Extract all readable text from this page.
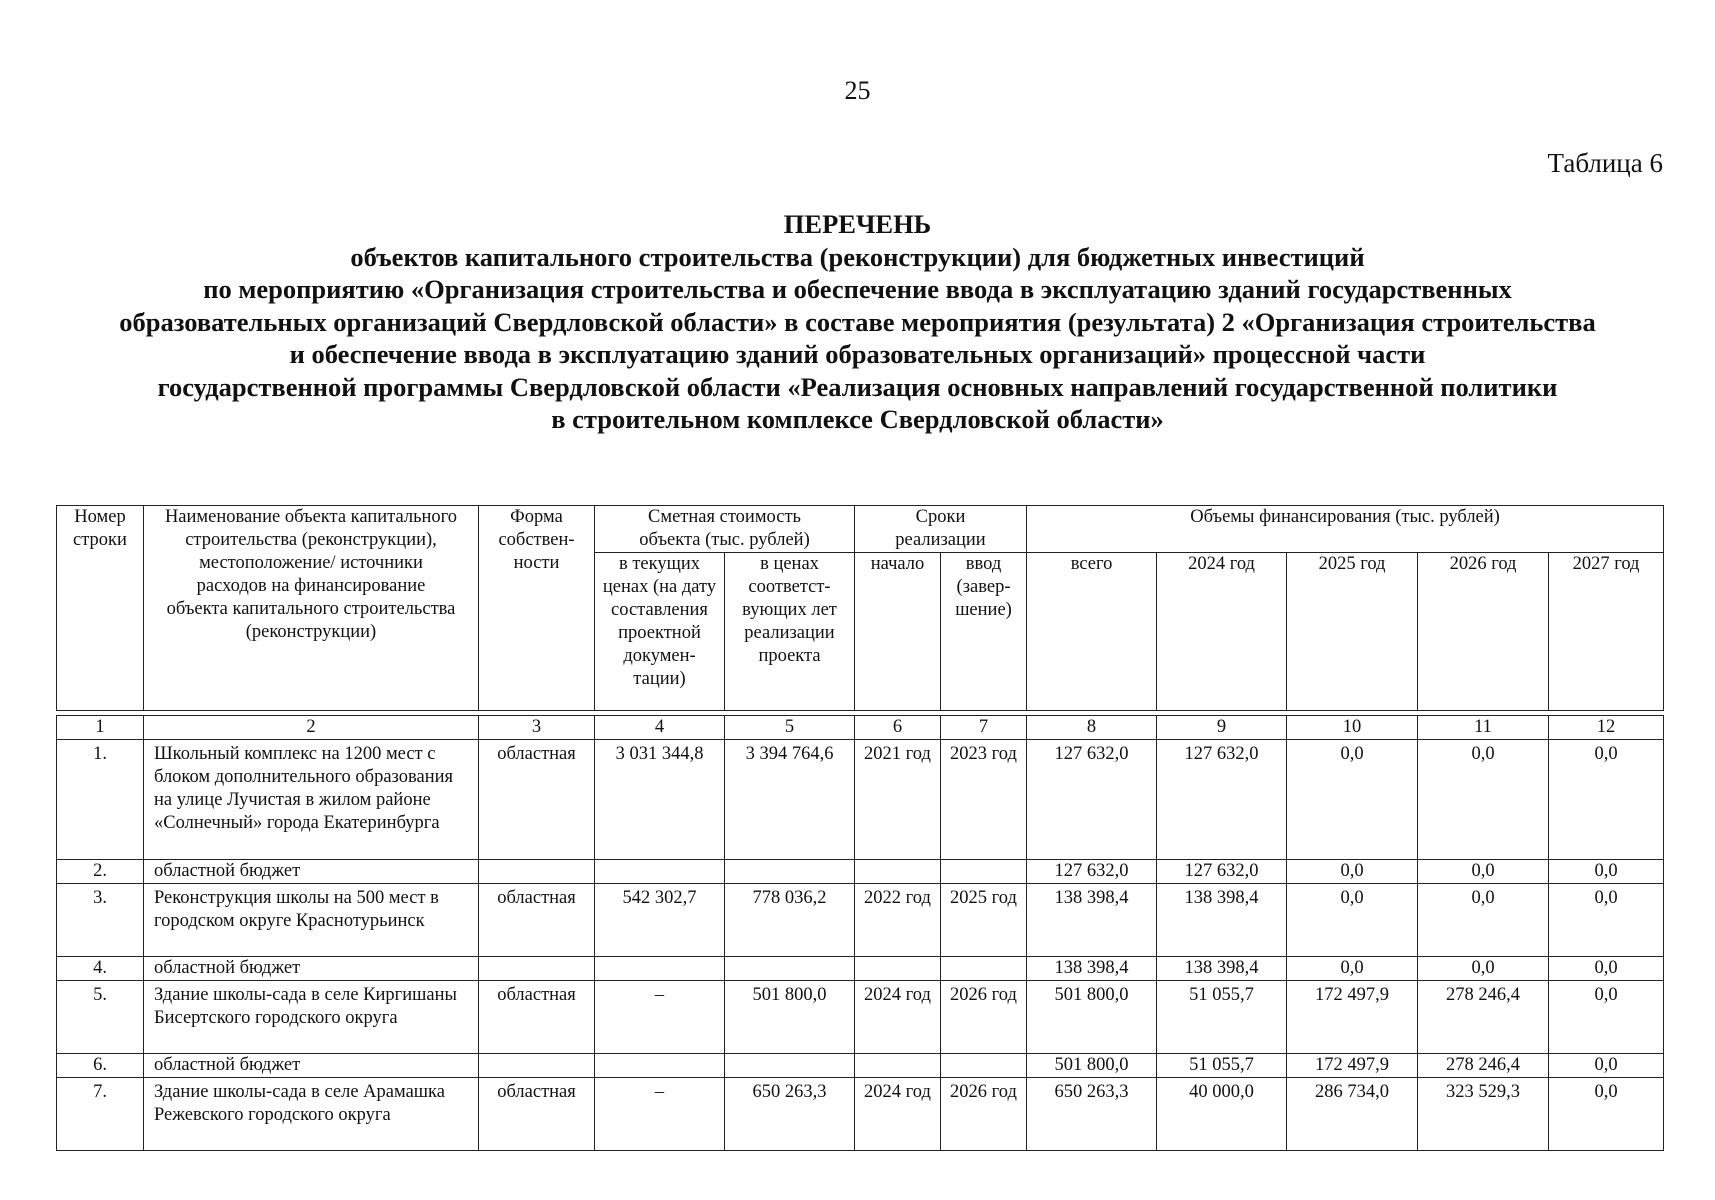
25
Таблица 6
ПЕРЕЧЕНЬ
объектов капитального строительства (реконструкции) для бюджетных инвестиций
по мероприятию «Организация строительства и обеспечение ввода в эксплуатацию зданий государственных
образовательных организаций Свердловской области» в составе мероприятия (результата) 2 «Организация строительства
и обеспечение ввода в эксплуатацию зданий образовательных организаций» процессной части
государственной программы Свердловской области «Реализация основных направлений государственной политики
в строительном комплексе Свердловской области»
Номер строки	Наименование объекта капитального строительства (реконструкции), местоположение/ источники расходов на финансирование объекта капитального строительства (реконструкции)	Форма собствен-ности	Сметная стоимость объекта (тыс. рублей)		Сроки реализации		Объемы финансирования (тыс. рублей)				
			в текущих ценах (на дату составления проектной докумен-тации)	в ценах соответст-вующих лет реализации проекта	начало	ввод (завер-шение)	всего	2024 год	2025 год	2026 год	2027 год
1	2	3	4	5	6	7	8	9	10	11	12
1.	Школьный комплекс на 1200 мест с блоком дополнительного образования на улице Лучистая в жилом районе «Солнечный» города Екатеринбурга	областная	3 031 344,8	3 394 764,6	2021 год	2023 год	127 632,0	127 632,0	0,0	0,0	0,0
2.	областной бюджет						127 632,0	127 632,0	0,0	0,0	0,0
3.	Реконструкция школы на 500 мест в городском округе Краснотурьинск	областная	542 302,7	778 036,2	2022 год	2025 год	138 398,4	138 398,4	0,0	0,0	0,0
4.	областной бюджет						138 398,4	138 398,4	0,0	0,0	0,0
5.	Здание школы-сада в селе Киргишаны Бисертского городского округа	областная	–	501 800,0	2024 год	2026 год	501 800,0	51 055,7	172 497,9	278 246,4	0,0
6.	областной бюджет						501 800,0	51 055,7	172 497,9	278 246,4	0,0
7.	Здание школы-сада в селе Арамашка Режевского городского округа	областная	–	650 263,3	2024 год	2026 год	650 263,3	40 000,0	286 734,0	323 529,3	0,0
